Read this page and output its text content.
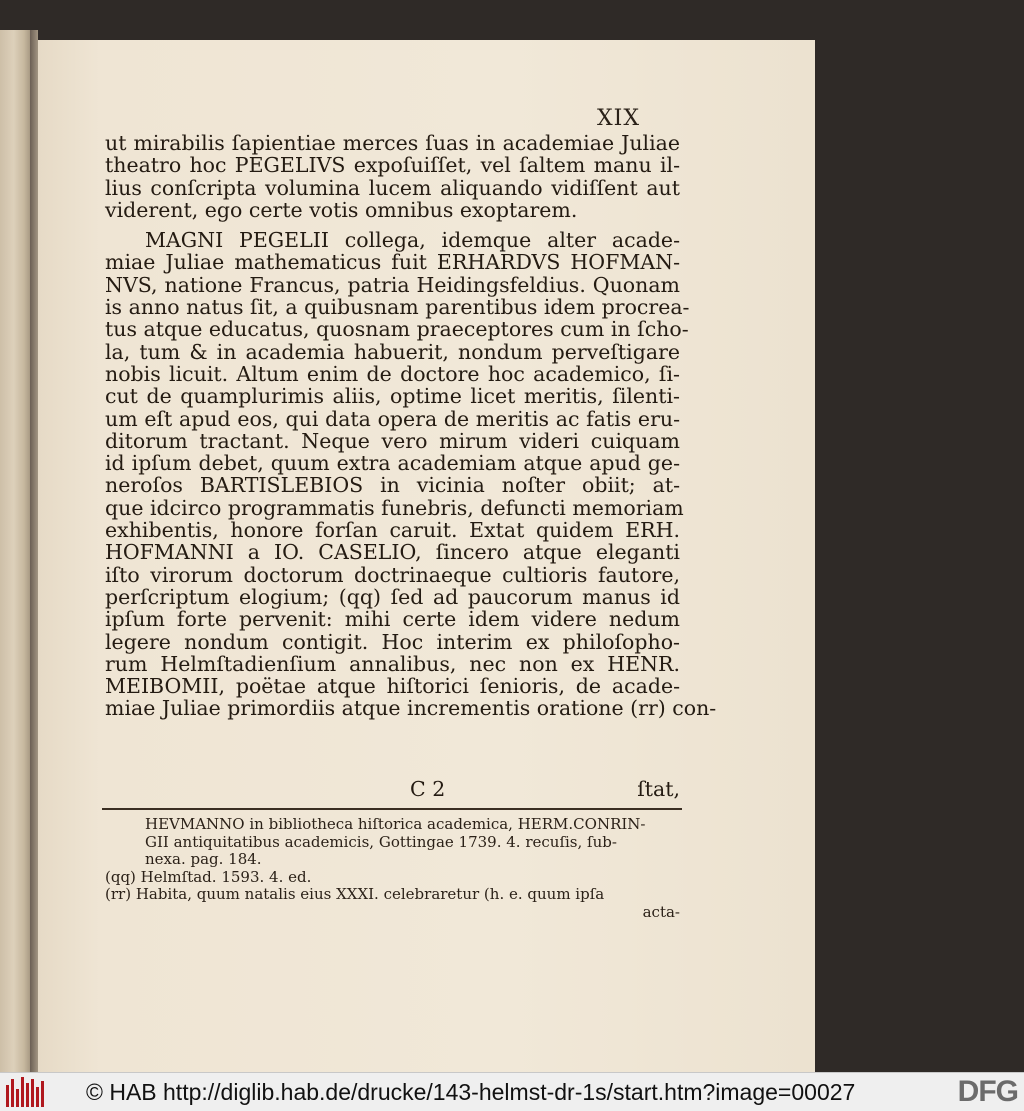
XIX
ut mirabilis ſapientiae merces ſuas in academiae Juliae
theatro hoc PEGELIVS expoſuiſſet, vel ſaltem manu il-
lius conſcripta volumina lucem aliquando vidiſſent aut
viderent, ego certe votis omnibus exoptarem.
MAGNI PEGELII collega, idemque alter acade-
miae Juliae mathematicus fuit ERHARDVS HOFMAN-
NVS, natione Francus, patria Heidingsfeldius. Quonam
is anno natus ſit, a quibusnam parentibus idem procrea-
tus atque educatus, quosnam praeceptores cum in ſcho-
la, tum & in academia habuerit, nondum perveſtigare
nobis licuit. Altum enim de doctore hoc academico, ſi-
cut de quamplurimis aliis, optime licet meritis, ſilenti-
um eſt apud eos, qui data opera de meritis ac fatis eru-
ditorum tractant. Neque vero mirum videri cuiquam
id ipſum debet, quum extra academiam atque apud ge-
neroſos BARTISLEBIOS in vicinia noſter obiit; at-
que idcirco programmatis funebris, defuncti memoriam
exhibentis, honore forſan caruit. Extat quidem ERH.
HOFMANNI a IO. CASELIO, ſincero atque eleganti
iſto virorum doctorum doctrinaeque cultioris fautore,
perſcriptum elogium; (qq) ſed ad paucorum manus id
ipſum forte pervenit: mihi certe idem videre nedum
legere nondum contigit. Hoc interim ex philoſopho-
rum Helmſtadienſium annalibus, nec non ex HENR.
MEIBOMII, poëtae atque hiſtorici ſenioris, de acade-
miae Juliae primordiis atque incrementis oratione (rr) con-
C 2	ſtat,
HEVMANNO in bibliotheca hiſtorica academica, HERM.CONRIN-
GII antiquitatibus academicis, Gottingae 1739. 4. recuſis, ſub-
nexa. pag. 184.
(qq) Helmſtad. 1593. 4. ed.
(rr) Habita, quum natalis eius XXXI. celebraretur (h. e. quum ipſa
acta-
© HAB http://diglib.hab.de/drucke/143-helmst-dr-1s/start.htm?image=00027	DFG
